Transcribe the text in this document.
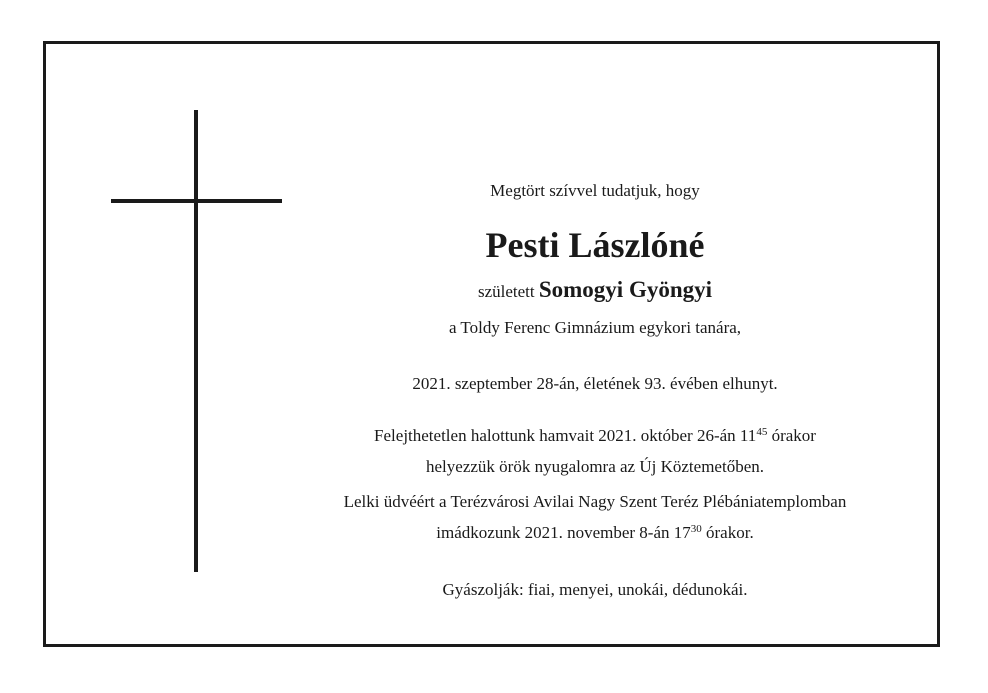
Megtört szívvel tudatjuk, hogy
Pesti Lászlóné
született Somogyi Gyöngyi
a Toldy Ferenc Gimnázium egykori tanára,
2021. szeptember 28-án, életének 93. évében elhunyt.
Felejthetetlen halottunk hamvait 2021. október 26-án $11^{45}$ órakor
helyezzük örök nyugalomra az Új Köztemetőben.
Lelki üdvéért a Terézvárosi Avilai Nagy Szent Teréz Plébániatemplomban
imádkozunk 2021. november 8-án $17^{30}$ órakor.
Gyászolják: fiai, menyei, unokái, dédunokái.
